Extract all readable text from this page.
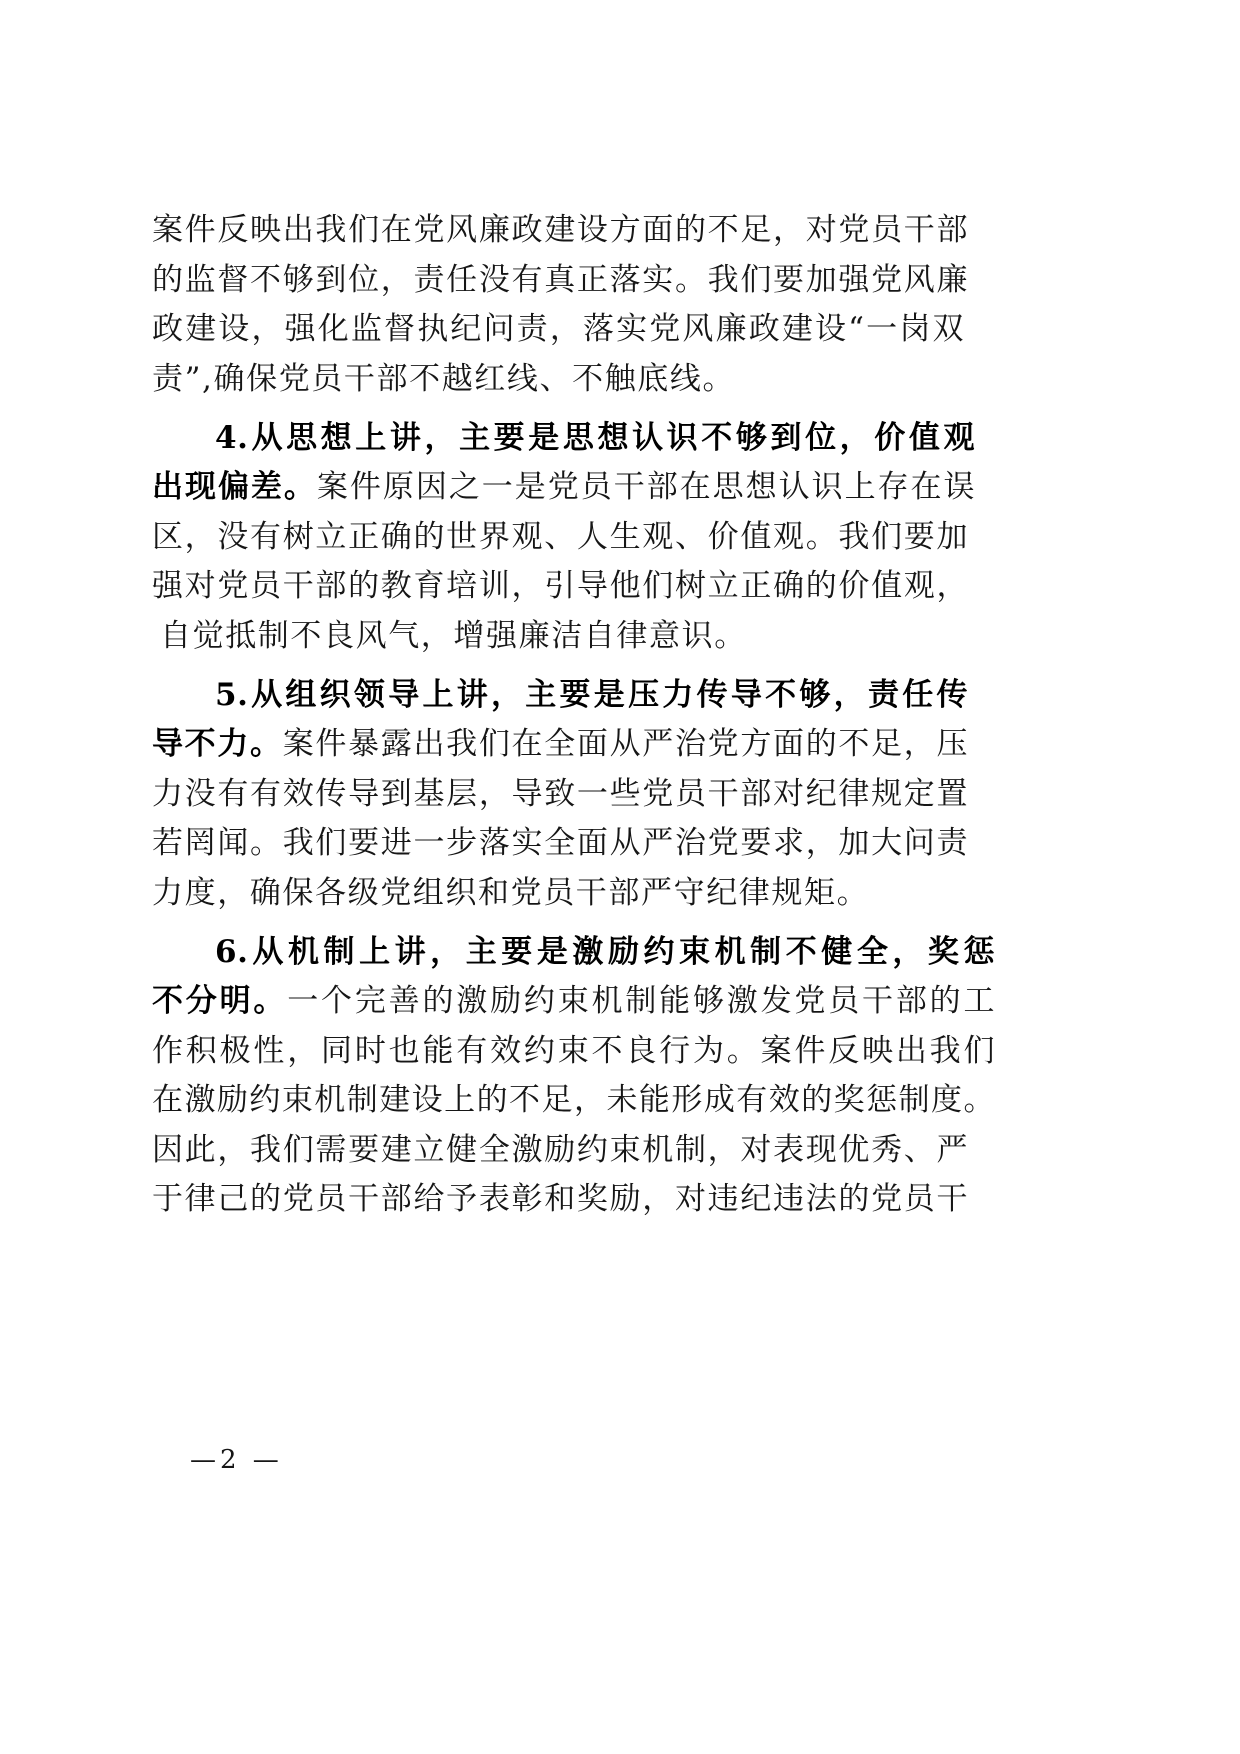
案件反映出我们在党风廉政建设方面的不足，对党员干部
的监督不够到位，责任没有真正落实。我们要加强党风廉
政建设，强化监督执纪问责，落实党风廉政建设“一岗双
责”,确保党员干部不越红线、不触底线。
4.从思想上讲，主要是思想认识不够到位，价值观
出现偏差。案件原因之一是党员干部在思想认识上存在误
区，没有树立正确的世界观、人生观、价值观。我们要加
强对党员干部的教育培训，引导他们树立正确的价值观，
自觉抵制不良风气，增强廉洁自律意识。
5.从组织领导上讲，主要是压力传导不够，责任传
导不力。案件暴露出我们在全面从严治党方面的不足，压
力没有有效传导到基层，导致一些党员干部对纪律规定置
若罔闻。我们要进一步落实全面从严治党要求，加大问责
力度，确保各级党组织和党员干部严守纪律规矩。
6.从机制上讲，主要是激励约束机制不健全，奖惩
不分明。一个完善的激励约束机制能够激发党员干部的工
作积极性，同时也能有效约束不良行为。案件反映出我们
在激励约束机制建设上的不足，未能形成有效的奖惩制度。
因此，我们需要建立健全激励约束机制，对表现优秀、严
于律己的党员干部给予表彰和奖励，对违纪违法的党员干
—2 —
